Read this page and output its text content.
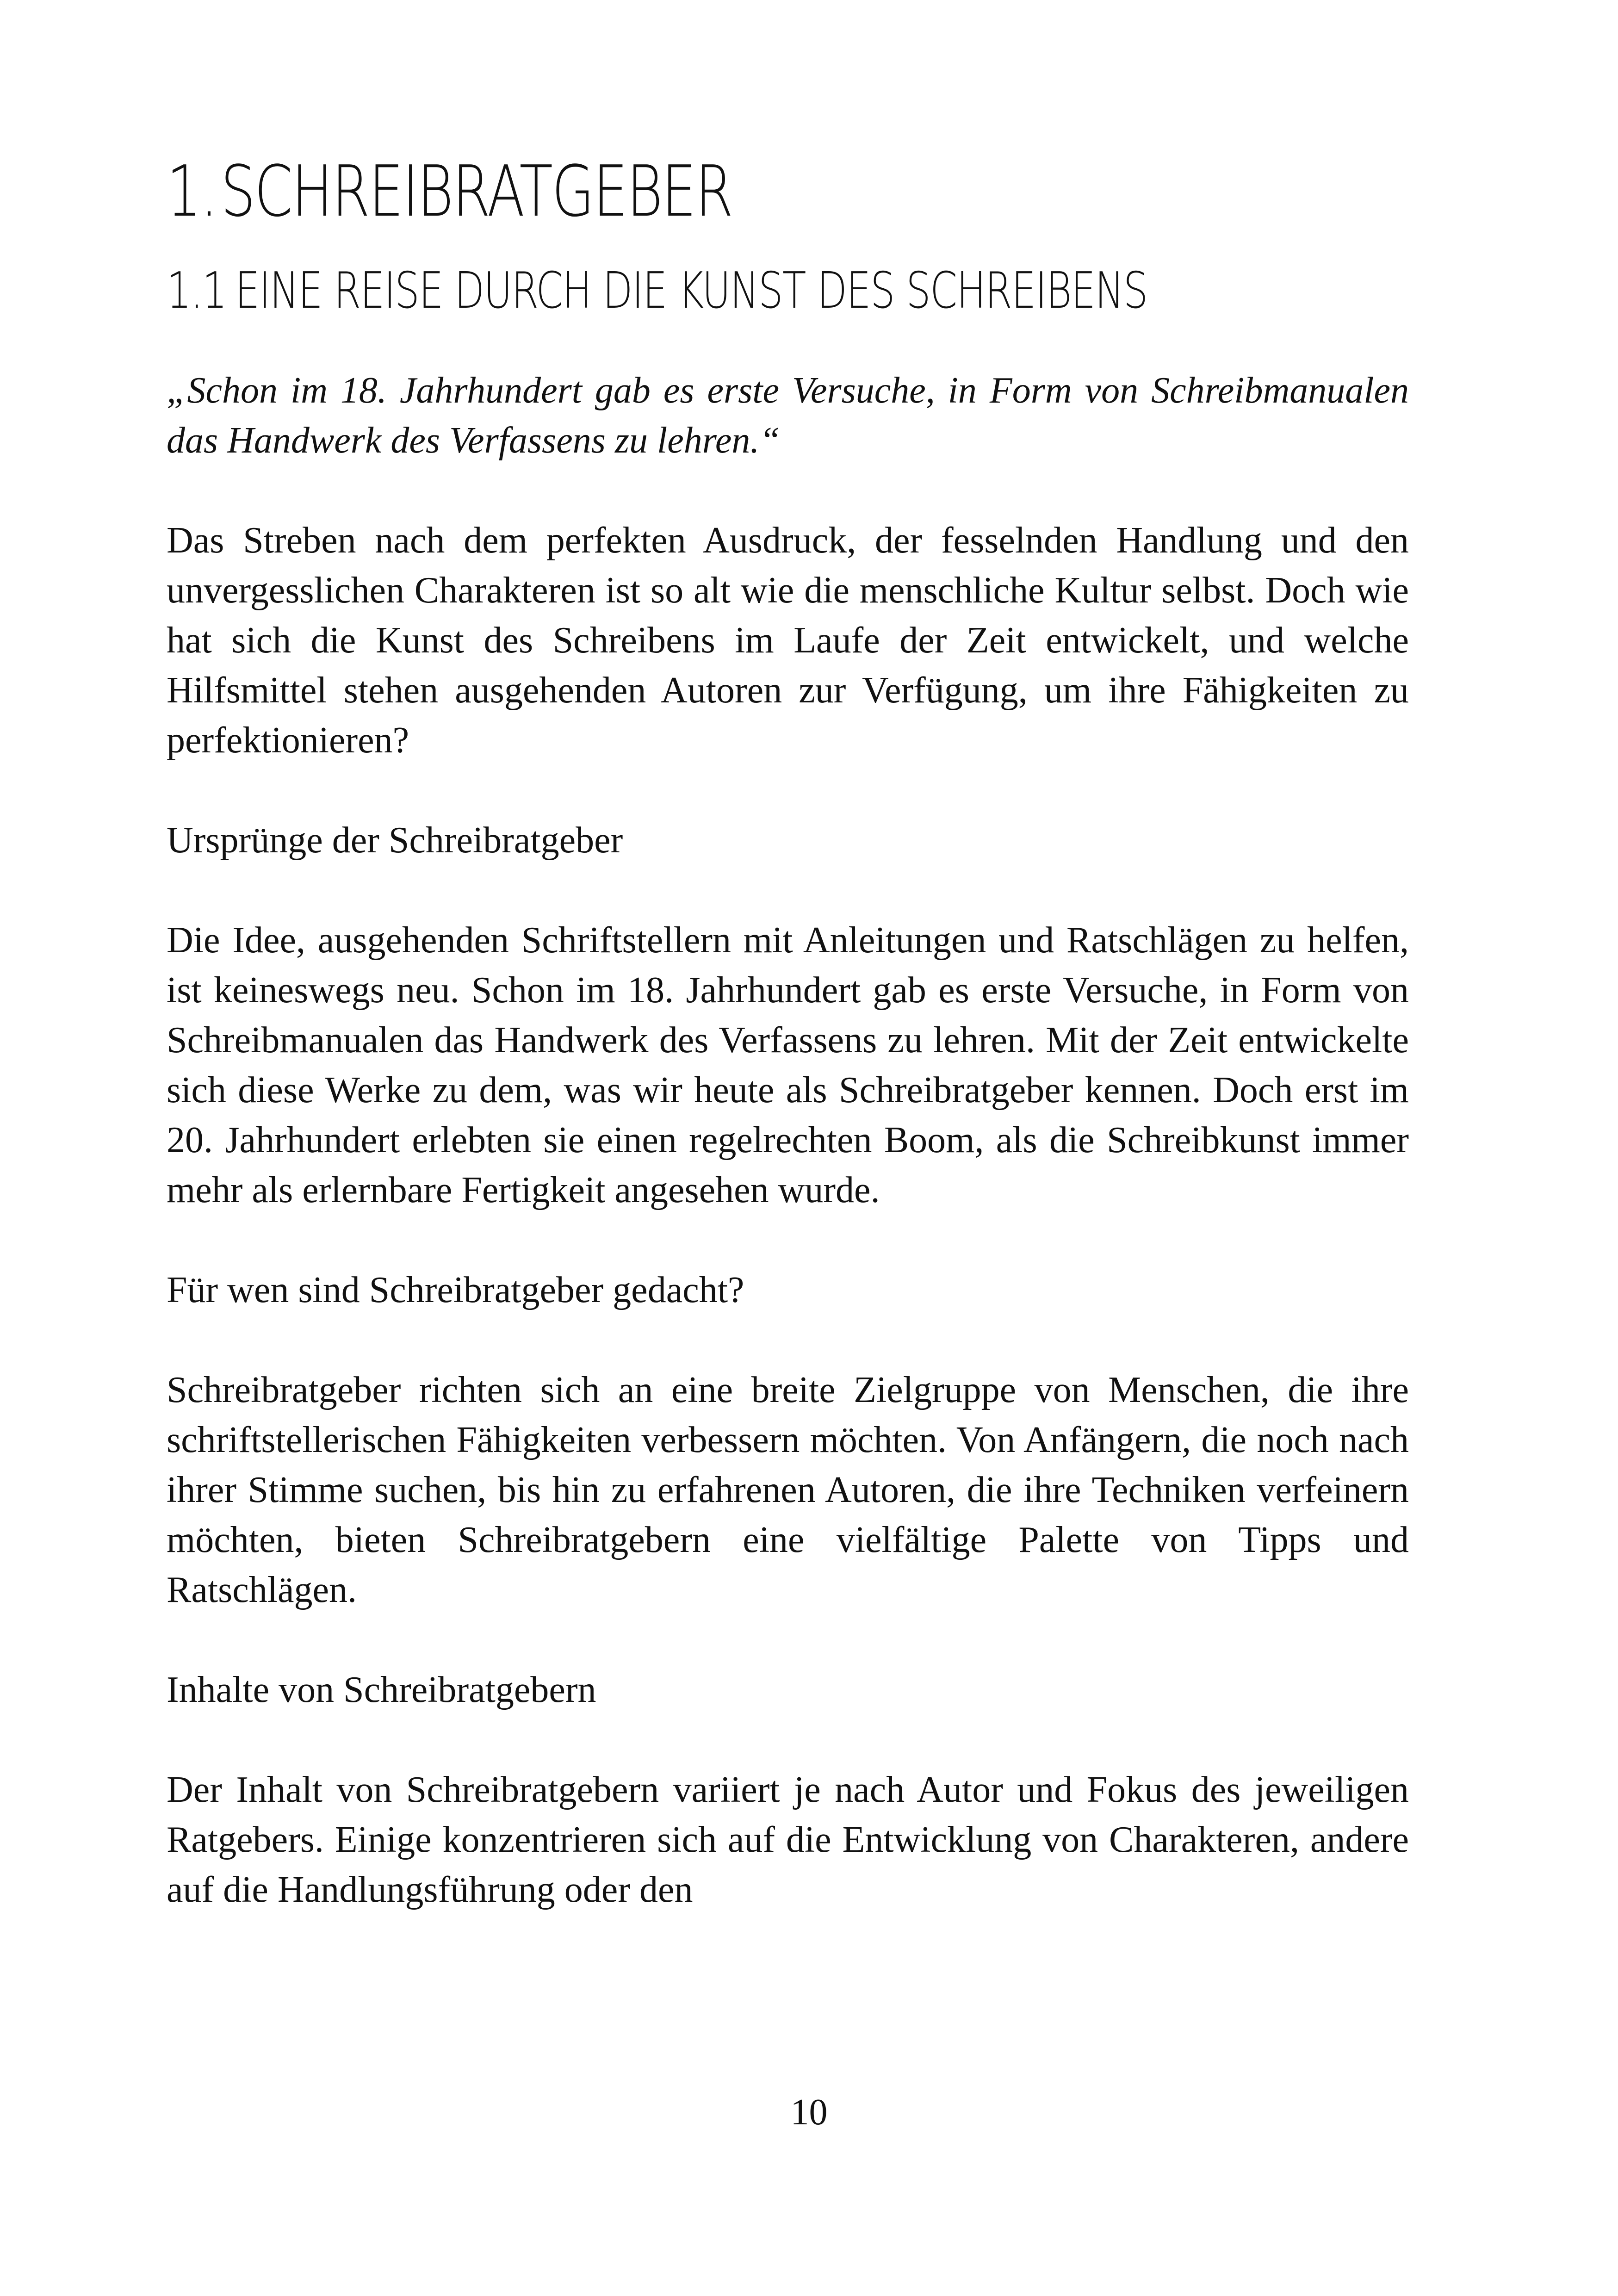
1.SCHREIBRATGEBER
1.1 EINE REISE DURCH DIE KUNST DES SCHREIBENS

„Schon im 18. Jahrhundert gab es erste Versuche, in Form von Schreibmanualen das Handwerk des Verfassens zu lehren.“

Das Streben nach dem perfekten Ausdruck, der fesselnden Handlung und den unvergesslichen Charakteren ist so alt wie die menschliche Kultur selbst. Doch wie hat sich die Kunst des Schreibens im Laufe der Zeit entwickelt, und welche Hilfsmittel stehen ausgehenden Autoren zur Verfügung, um ihre Fähigkeiten zu perfektionieren?

Ursprünge der Schreibratgeber

Die Idee, ausgehenden Schriftstellern mit Anleitungen und Ratschlägen zu helfen, ist keineswegs neu. Schon im 18. Jahrhundert gab es erste Versuche, in Form von Schreibmanualen das Handwerk des Verfassens zu lehren. Mit der Zeit entwickelte sich diese Werke zu dem, was wir heute als Schreibratgeber kennen. Doch erst im 20. Jahrhundert erlebten sie einen regelrechten Boom, als die Schreibkunst immer mehr als erlernbare Fertigkeit angesehen wurde.

Für wen sind Schreibratgeber gedacht?

Schreibratgeber richten sich an eine breite Zielgruppe von Menschen, die ihre schriftstellerischen Fähigkeiten verbessern möchten. Von Anfängern, die noch nach ihrer Stimme suchen, bis hin zu erfahrenen Autoren, die ihre Techniken verfeinern möchten, bieten Schreibratgebern eine vielfältige Palette von Tipps und Ratschlägen.

Inhalte von Schreibratgebern

Der Inhalt von Schreibratgebern variiert je nach Autor und Fokus des jeweiligen Ratgebers. Einige konzentrieren sich auf die Entwicklung von Charakteren, andere auf die Handlungsführung oder den

10
